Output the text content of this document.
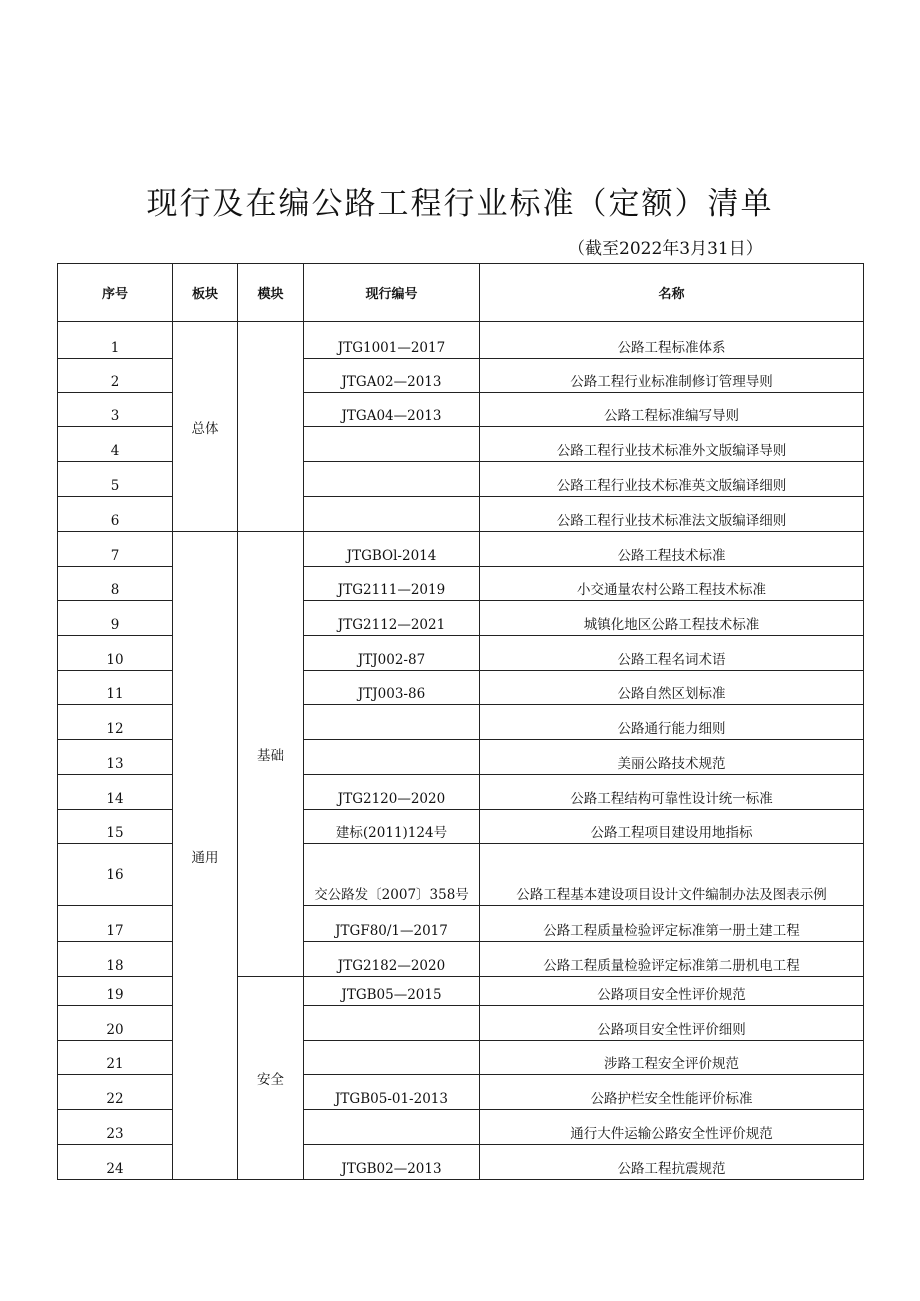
现行及在编公路工程行业标准（定额）清单
（截至2022年3月31日）
序号	板块	模块	现行编号	名称
1	总体		JTG1001—2017	公路工程标准体系
2			JTGA02—2013	公路工程行业标准制修订管理导则
3			JTGA04—2013	公路工程标准编写导则
4				公路工程行业技术标准外文版编译导则
5				公路工程行业技术标准英文版编译细则
6				公路工程行业技术标准法文版编译细则
7	通用	基础	JTGBOl-2014	公路工程技术标准
8			JTG2111—2019	小交通量农村公路工程技术标准
9			JTG2112—2021	城镇化地区公路工程技术标准
10			JTJ002-87	公路工程名词术语
11			JTJ003-86	公路自然区划标准
12				公路通行能力细则
13				美丽公路技术规范
14			JTG2120—2020	公路工程结构可靠性设计统一标准
15			建标(2011)124号	公路工程项目建设用地指标
16			交公路发〔2007〕358号	公路工程基本建设项目设计文件编制办法及图表示例
17			JTGF80/1—2017	公路工程质量检验评定标准第一册土建工程
18			JTG2182—2020	公路工程质量检验评定标准第二册机电工程
19		安全	JTGB05—2015	公路项目安全性评价规范
20				公路项目安全性评价细则
21				涉路工程安全评价规范
22			JTGB05-01-2013	公路护栏安全性能评价标准
23				通行大件运输公路安全性评价规范
24			JTGB02—2013	公路工程抗震规范
